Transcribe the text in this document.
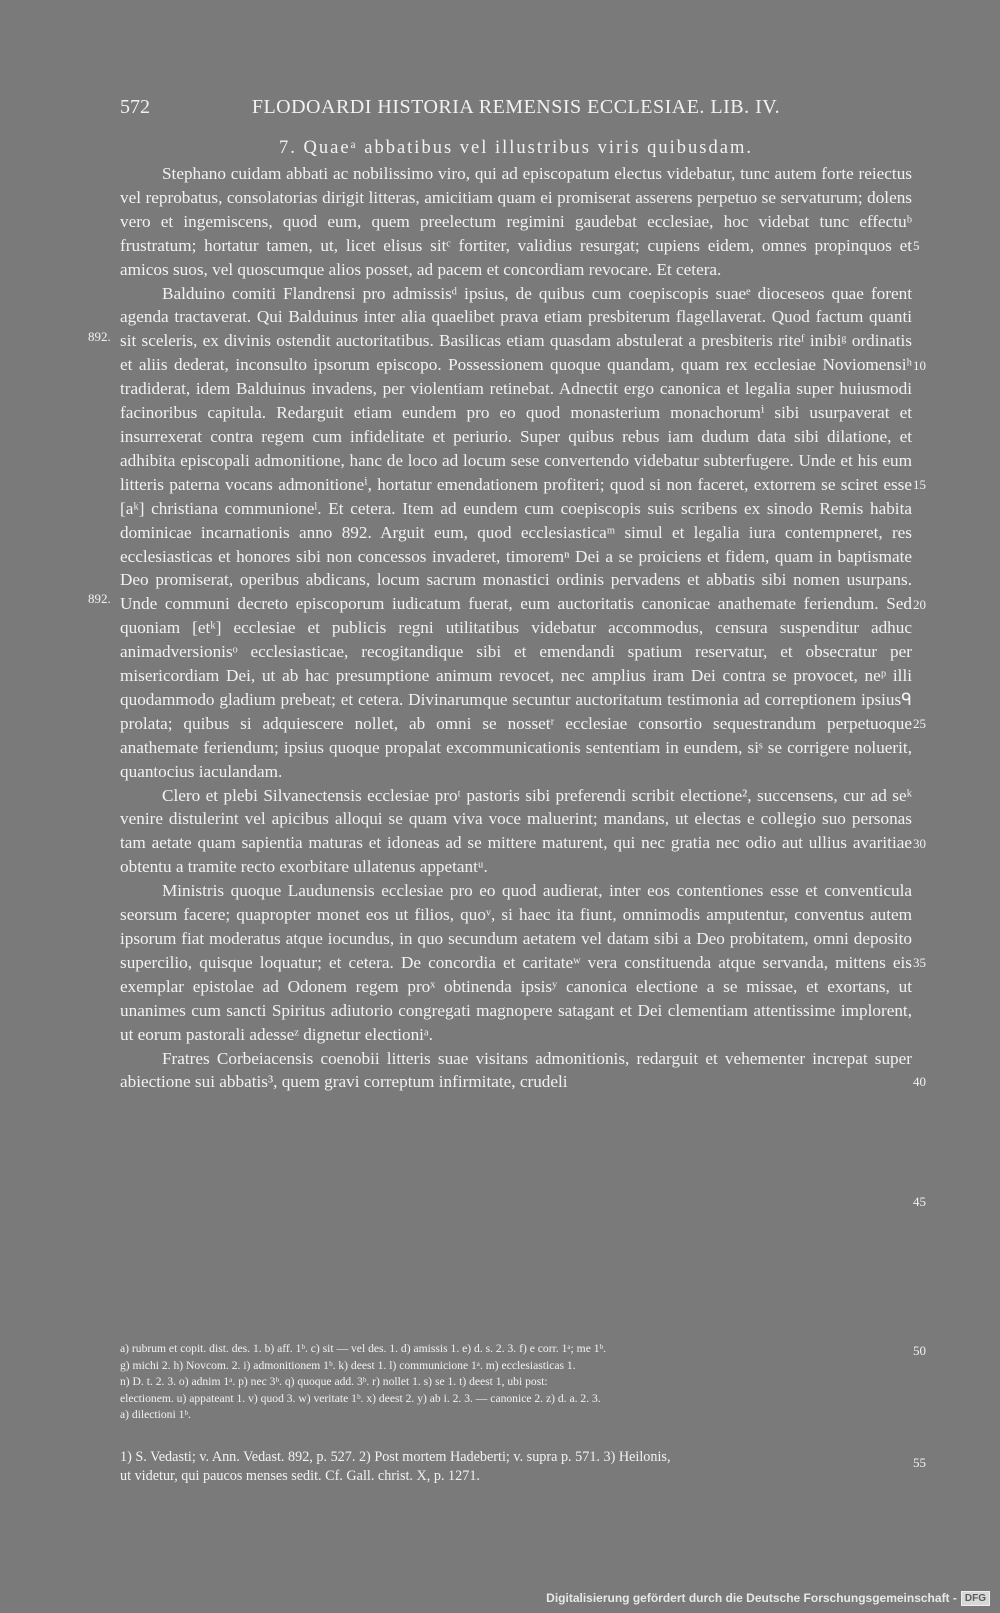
572	FLODOARDI HISTORIA REMENSIS ECCLESIAE. LIB. IV.
7. Quaeᵃ abbatibus vel illustribus viris quibusdam.

Stephano cuidam abbati ac nobilissimo viro, qui ad episcopatum electus videbatur, tunc autem forte reiectus vel reprobatus, consolatorias dirigit litteras, amicitiam quam ei promiserat asserens perpetuo se servaturum; dolens vero et ingemiscens, quod eum, quem preelectum regimini gaudebat ecclesiae, hoc videbat tunc effectuᵇ frustratum; hortatur tamen, ut, licet elisus sitᶜ fortiter, validius resurgat; cupiens eidem, omnes propinquos et amicos suos, vel quoscumque alios posset, ad pacem et concordiam revocare. Et cetera.

Balduino comiti Flandrensi pro admissisᵈ ipsius, de quibus cum coepiscopis suaeᵉ dioceseos quae forent agenda tractaverat. Qui Balduinus inter alia quaelibet prava etiam presbiterum flagellaverat. Quod factum quanti sit sceleris, ex divinis ostendit auctoritatibus. Basilicas etiam quasdam abstulerat a presbiteris riteᶠ inibiᵍ ordinatis et aliis dederat, inconsulto ipsorum episcopo. Possessionem quoque quandam, quam rex ecclesiae Noviomensiʰ tradiderat, idem Balduinus invadens, per violentiam retinebat. Adnectit ergo canonica et legalia super huiusmodi facinoribus capitula. Redarguit etiam eundem pro eo quod monasterium monachorumⁱ sibi usurpaverat et insurrexerat contra regem cum infidelitate et periurio. Super quibus rebus iam dudum data sibi dilatione, et adhibita episcopali admonitione, hanc de loco ad locum sese convertendo videbatur subterfugere. Unde et his eum litteris paterna vocans admonitioneⁱ, hortatur emendationem profiteri; quod si non faceret, extorrem se sciret esse [aᵏ] christiana communioneˡ. Et cetera. Item ad eundem cum coepiscopis suis scribens ex sinodo Remis habita dominicae incarnationis anno 892. Arguit eum, quod ecclesiasticaᵐ simul et legalia iura contempneret, res ecclesiasticas et honores sibi non concessos invaderet, timoremⁿ Dei a se proiciens et fidem, quam in baptismate Deo promiserat, operibus abdicans, locum sacrum monastici ordinis pervadens et abbatis sibi nomen usurpans. Unde communi decreto episcoporum iudicatum fuerat, eum auctoritatis canonicae anathemate feriendum. Sed quoniam [etᵏ] ecclesiae et publicis regni utilitatibus videbatur accommodus, censura suspenditur adhuc animadversionisᵒ ecclesiasticae, recogitandique sibi et emendandi spatium reservatur, et obsecratur per misericordiam Dei, ut ab hac presumptione animum revocet, nec amplius iram Dei contra se provocet, neᵖ illi quodammodo gladium prebeat; et cetera. Divinarumque secuntur auctoritatum testimonia ad correptionem ipsiusᑫ prolata; quibus si adquiescere nollet, ab omni se nossetʳ ecclesiae consortio sequestrandum perpetuoque anathemate feriendum; ipsius quoque propalat excommunicationis sententiam in eundem, siˢ se corrigere noluerit, quantocius iaculandam.

Clero et plebi Silvanectensis ecclesiae proᵗ pastoris sibi preferendi scribit electione², succensens, cur ad seᵏ venire distulerint vel apicibus alloqui se quam viva voce maluerint; mandans, ut electas e collegio suo personas tam aetate quam sapientia maturas et idoneas ad se mittere maturent, qui nec gratia nec odio aut ullius avaritiae obtentu a tramite recto exorbitare ullatenus appetantᵘ.

Ministris quoque Laudunensis ecclesiae pro eo quod audierat, inter eos contentiones esse et conventicula seorsum facere; quapropter monet eos ut filios, quoᵛ, si haec ita fiunt, omnimodis amputentur, conventus autem ipsorum fiat moderatus atque iocundus, in quo secundum aetatem vel datam sibi a Deo probitatem, omni deposito supercilio, quisque loquatur; et cetera. De concordia et caritateʷ vera constituenda atque servanda, mittens eis exemplar epistolae ad Odonem regem proˣ obtinenda ipsisʸ canonica electione a se missae, et exortans, ut unanimes cum sancti Spiritus adiutorio congregati magnopere satagant et Dei clementiam attentissime implorent, ut eorum pastorali adesseᶻ dignetur electioniᵃ.

Fratres Corbeiacensis coenobii litteris suae visitans admonitionis, redarguit et vehementer increpat super abiectione sui abbatis³, quem gravi correptum infirmitate, crudeli

892.
892.
5
10
15
20
25
30
35
40
45
50
55

a) rubrum et copit. dist. des. 1. b) aff. 1ᵇ. c) sit — vel des. 1. d) amissis 1. e) d. s. 2. 3. f) e corr. 1ᵃ; me 1ᵇ.

g) michi 2. h) Novcom. 2. i) admonitionem 1ᵇ. k) deest 1. l) communicione 1ᵃ. m) ecclesiasticas 1.

n) D. t. 2. 3. o) adnim 1ᵃ. p) nec 3ᵇ. q) quoque add. 3ᵇ. r) nollet 1. s) se 1. t) deest 1, ubi post:

electionem. u) appateant 1. v) quod 3. w) veritate 1ᵇ. x) deest 2. y) ab i. 2. 3. — canonice 2. z) d. a. 2. 3.

a) dilectioni 1ᵇ.

1) S. Vedasti; v. Ann. Vedast. 892, p. 527. 2) Post mortem Hadeberti; v. supra p. 571. 3) Heilonis,

ut videtur, qui paucos menses sedit. Cf. Gall. christ. X, p. 1271.

Digitalisierung gefördert durch die Deutsche Forschungsgemeinschaft - DFG
